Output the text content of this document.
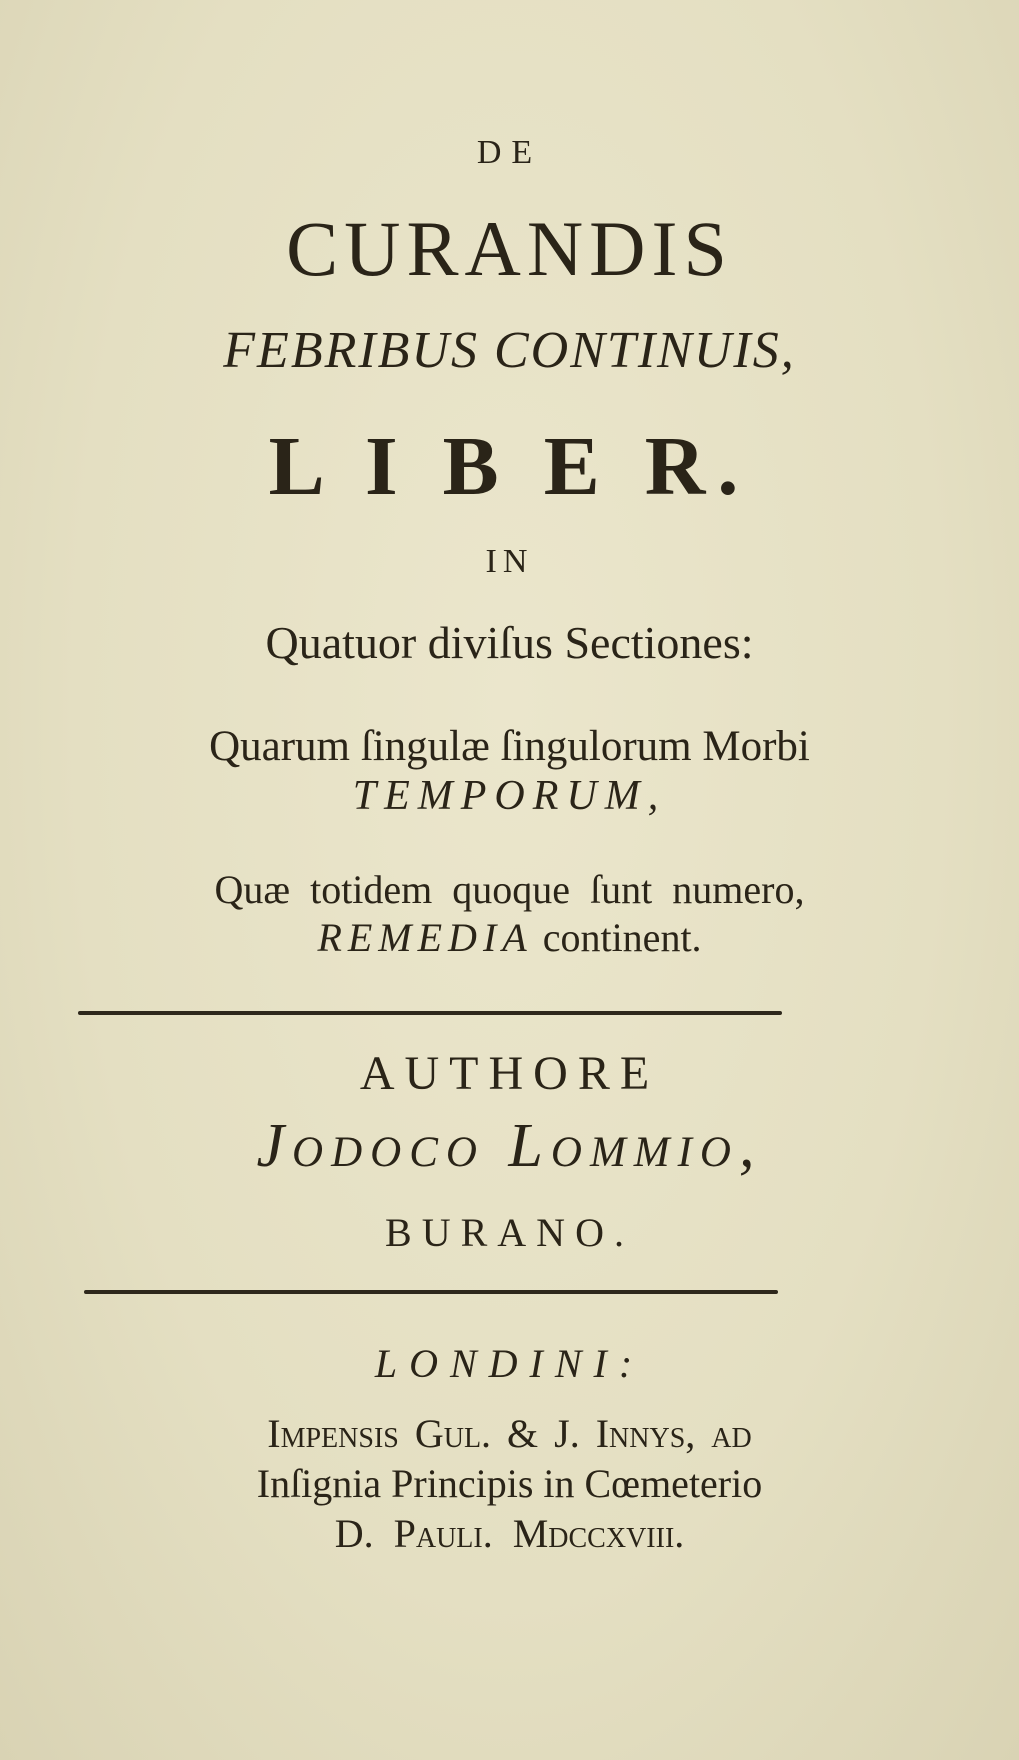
DE
CURANDIS
FEBRIBUS CONTINUIS,
L I B E R.
IN
Quatuor diviſus Sectiones:
Quarum ſingulæ ſingulorum Morbi
TEMPORUM,
Quæ totidem quoque ſunt numero,
REMEDIA continent.
AUTHORE
Jodoco Lommio,
BURANO.
LONDINI:
Impenſis Gul. & J. Innys, ad
Inſignia Principis in Cœmeterio
D. Pauli. Mdccxviii.
